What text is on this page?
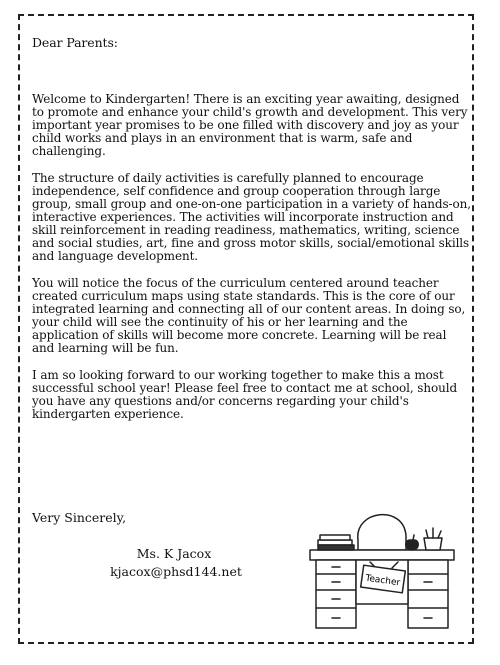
Dear Parents:

Welcome to Kindergarten! There is an exciting year awaiting, designed to promote and enhance your child's growth and development. This very important year promises to be one filled with discovery and joy as your child works and plays in an environment that is warm, safe and challenging.

The structure of daily activities is carefully planned to encourage independence, self confidence and group cooperation through large group, small group and one-on-one participation in a variety of hands-on, interactive experiences. The activities will incorporate instruction and skill reinforcement in reading readiness, mathematics, writing, science and social studies, art, fine and gross motor skills, social/emotional skills and language development.

You will notice the focus of the curriculum centered around teacher created curriculum maps using state standards. This is the core of our integrated learning and connecting all of our content areas. In doing so, your child will see the continuity of his or her learning and the application of skills will become more concrete. Learning will be real and learning will be fun.

I am so looking forward to our working together to make this a most successful school year! Please feel free to contact me at school, should you have any questions and/or concerns regarding your child's kindergarten experience.

Very Sincerely,
Ms. K Jacox
kjacox@phsd144.net
Teacher
